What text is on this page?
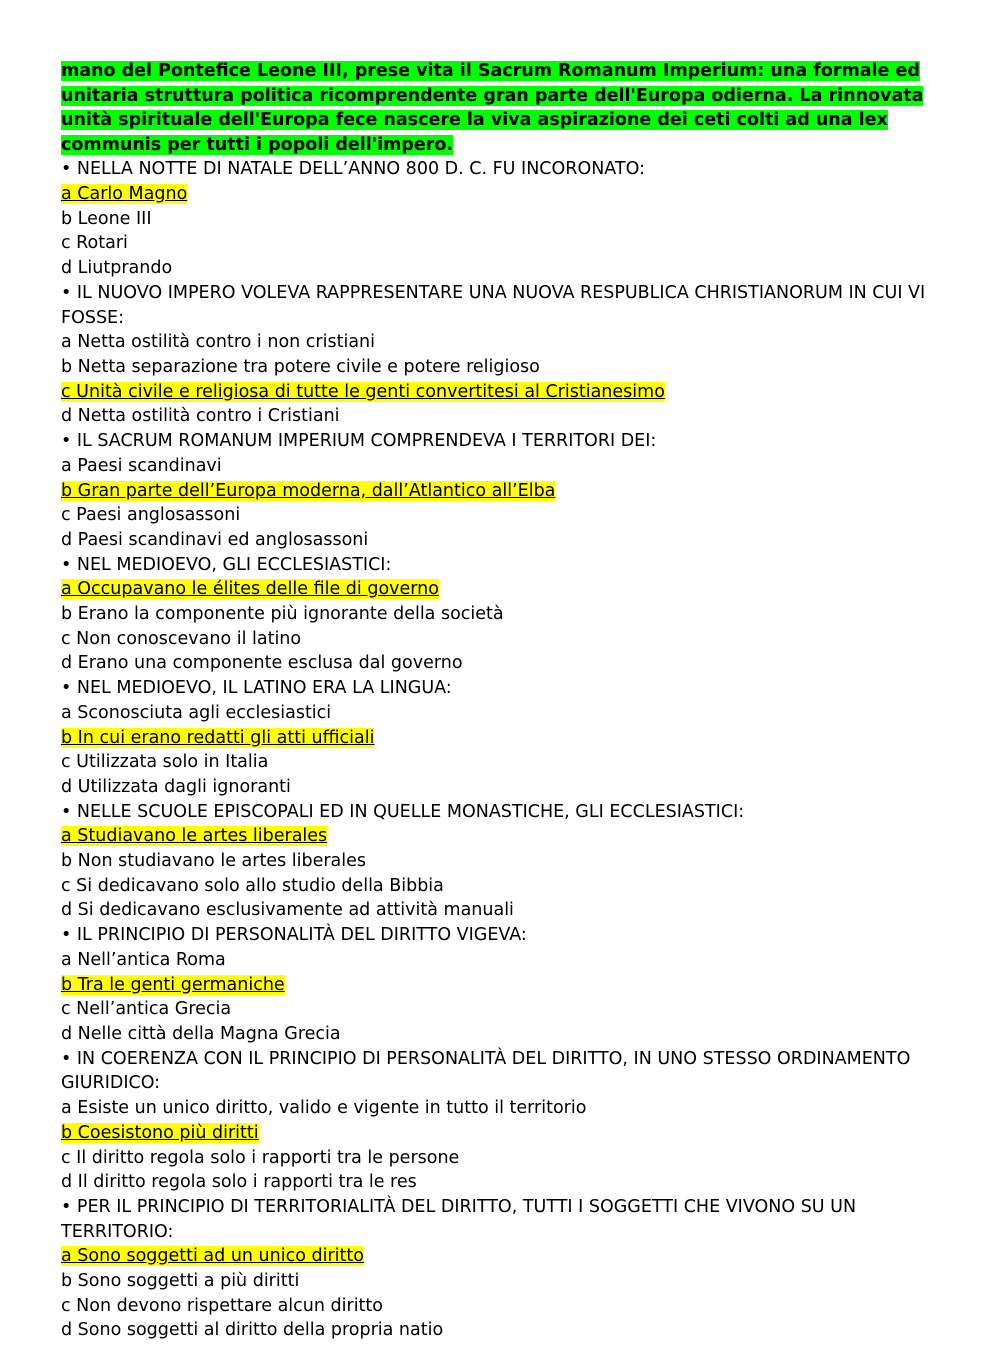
mano del Pontefice Leone III, prese vita il Sacrum Romanum Imperium: una formale ed unitaria struttura politica ricomprendente gran parte dell'Europa odierna. La rinnovata unità spirituale dell'Europa fece nascere la viva aspirazione dei ceti colti ad una lex communis per tutti i popoli dell'impero.

• NELLA NOTTE DI NATALE DELL’ANNO 800 D. C. FU INCORONATO:
a Carlo Magno
b Leone III
c Rotari
d Liutprando
• IL NUOVO IMPERO VOLEVA RAPPRESENTARE UNA NUOVA RESPUBLICA CHRISTIANORUM IN CUI VI FOSSE:
a Netta ostilità contro i non cristiani
b Netta separazione tra potere civile e potere religioso
c Unità civile e religiosa di tutte le genti convertitesi al Cristianesimo
d Netta ostilità contro i Cristiani
• IL SACRUM ROMANUM IMPERIUM COMPRENDEVA I TERRITORI DEI:
a Paesi scandinavi
b Gran parte dell’Europa moderna, dall’Atlantico all’Elba
c Paesi anglosassoni
d Paesi scandinavi ed anglosassoni
• NEL MEDIOEVO, GLI ECCLESIASTICI:
a Occupavano le élites delle file di governo
b Erano la componente più ignorante della società
c Non conoscevano il latino
d Erano una componente esclusa dal governo
• NEL MEDIOEVO, IL LATINO ERA LA LINGUA:
a Sconosciuta agli ecclesiastici
b In cui erano redatti gli atti ufficiali
c Utilizzata solo in Italia
d Utilizzata dagli ignoranti
• NELLE SCUOLE EPISCOPALI ED IN QUELLE MONASTICHE, GLI ECCLESIASTICI:
a Studiavano le artes liberales
b Non studiavano le artes liberales
c Si dedicavano solo allo studio della Bibbia
d Si dedicavano esclusivamente ad attività manuali
• IL PRINCIPIO DI PERSONALITÀ DEL DIRITTO VIGEVA:
a Nell’antica Roma
b Tra le genti germaniche
c Nell’antica Grecia
d Nelle città della Magna Grecia
• IN COERENZA CON IL PRINCIPIO DI PERSONALITÀ DEL DIRITTO, IN UNO STESSO ORDINAMENTO GIURIDICO:
a Esiste un unico diritto, valido e vigente in tutto il territorio
b Coesistono più diritti
c Il diritto regola solo i rapporti tra le persone
d Il diritto regola solo i rapporti tra le res
• PER IL PRINCIPIO DI TERRITORIALITÀ DEL DIRITTO, TUTTI I SOGGETTI CHE VIVONO SU UN TERRITORIO:
a Sono soggetti ad un unico diritto
b Sono soggetti a più diritti
c Non devono rispettare alcun diritto
d Sono soggetti al diritto della propria natio
